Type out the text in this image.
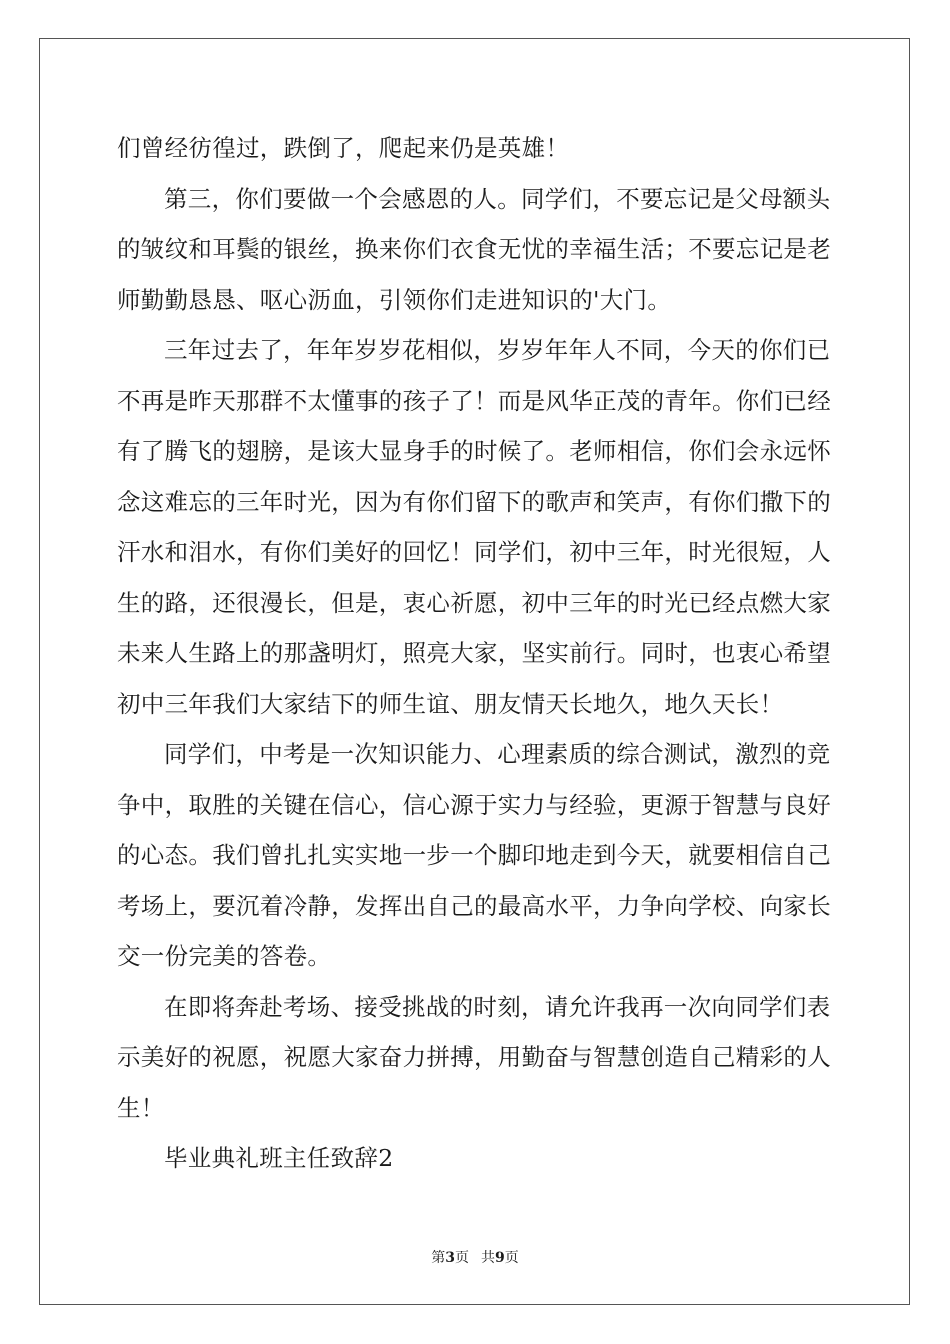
们曾经彷徨过，跌倒了，爬起来仍是英雄！
第三，你们要做一个会感恩的人。同学们，不要忘记是父母额头
的皱纹和耳鬓的银丝，换来你们衣食无忧的幸福生活；不要忘记是老
师勤勤恳恳、呕心沥血，引领你们走进知识的'大门。
三年过去了，年年岁岁花相似，岁岁年年人不同，今天的你们已
不再是昨天那群不太懂事的孩子了！而是风华正茂的青年。你们已经
有了腾飞的翅膀，是该大显身手的时候了。老师相信，你们会永远怀
念这难忘的三年时光，因为有你们留下的歌声和笑声，有你们撒下的
汗水和泪水，有你们美好的回忆！同学们，初中三年，时光很短，人
生的路，还很漫长，但是，衷心祈愿，初中三年的时光已经点燃大家
未来人生路上的那盏明灯，照亮大家，坚实前行。同时，也衷心希望
初中三年我们大家结下的师生谊、朋友情天长地久，地久天长！
同学们，中考是一次知识能力、心理素质的综合测试，激烈的竞
争中，取胜的关键在信心，信心源于实力与经验，更源于智慧与良好
的心态。我们曾扎扎实实地一步一个脚印地走到今天，就要相信自己
考场上，要沉着冷静，发挥出自己的最高水平，力争向学校、向家长
交一份完美的答卷。
在即将奔赴考场、接受挑战的时刻，请允许我再一次向同学们表
示美好的祝愿，祝愿大家奋力拼搏，用勤奋与智慧创造自己精彩的人
生！
毕业典礼班主任致辞2
第3页 共9页
